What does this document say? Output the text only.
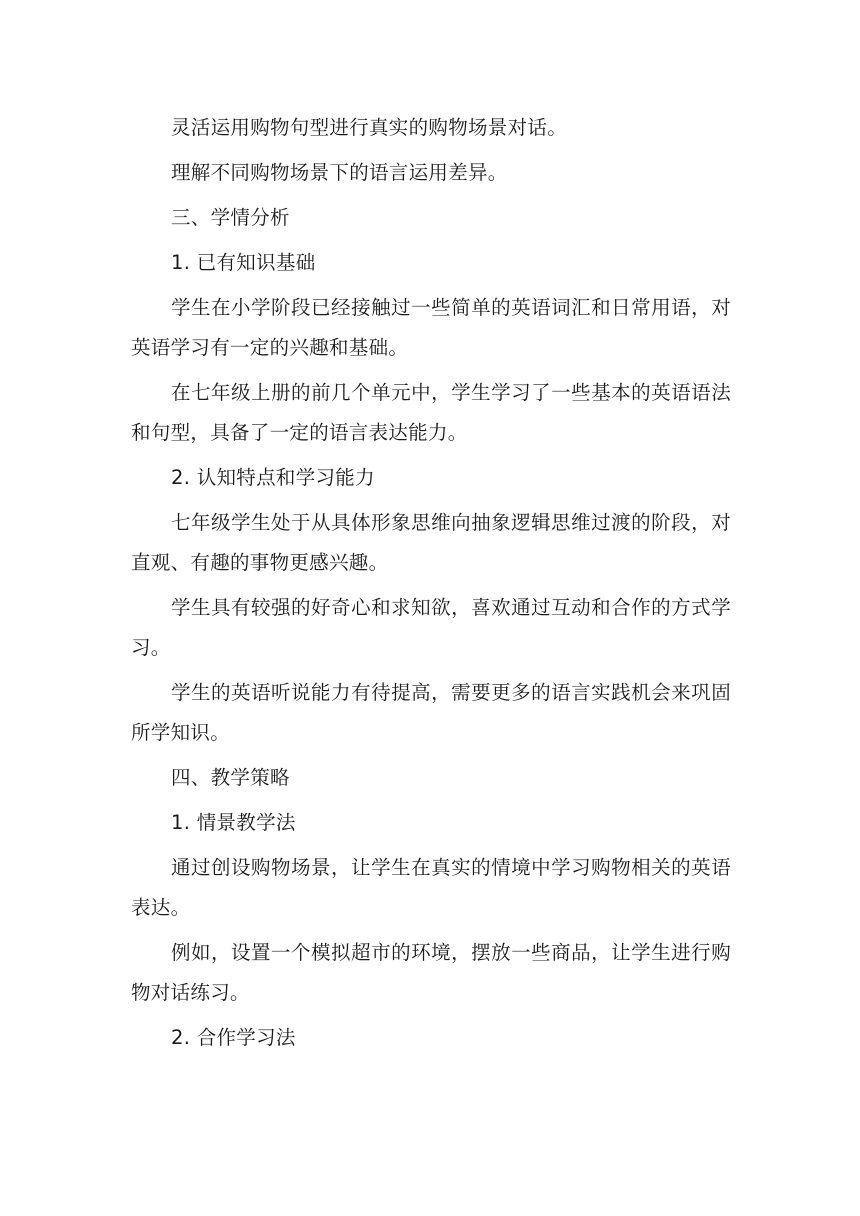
灵活运用购物句型进行真实的购物场景对话。

理解不同购物场景下的语言运用差异。

三、学情分析

1. 已有知识基础

学生在小学阶段已经接触过一些简单的英语词汇和日常用语，对英语学习有一定的兴趣和基础。

在七年级上册的前几个单元中，学生学习了一些基本的英语语法和句型，具备了一定的语言表达能力。

2. 认知特点和学习能力

七年级学生处于从具体形象思维向抽象逻辑思维过渡的阶段，对直观、有趣的事物更感兴趣。

学生具有较强的好奇心和求知欲，喜欢通过互动和合作的方式学习。

学生的英语听说能力有待提高，需要更多的语言实践机会来巩固所学知识。

四、教学策略

1. 情景教学法

通过创设购物场景，让学生在真实的情境中学习购物相关的英语表达。

例如，设置一个模拟超市的环境，摆放一些商品，让学生进行购物对话练习。

2. 合作学习法
